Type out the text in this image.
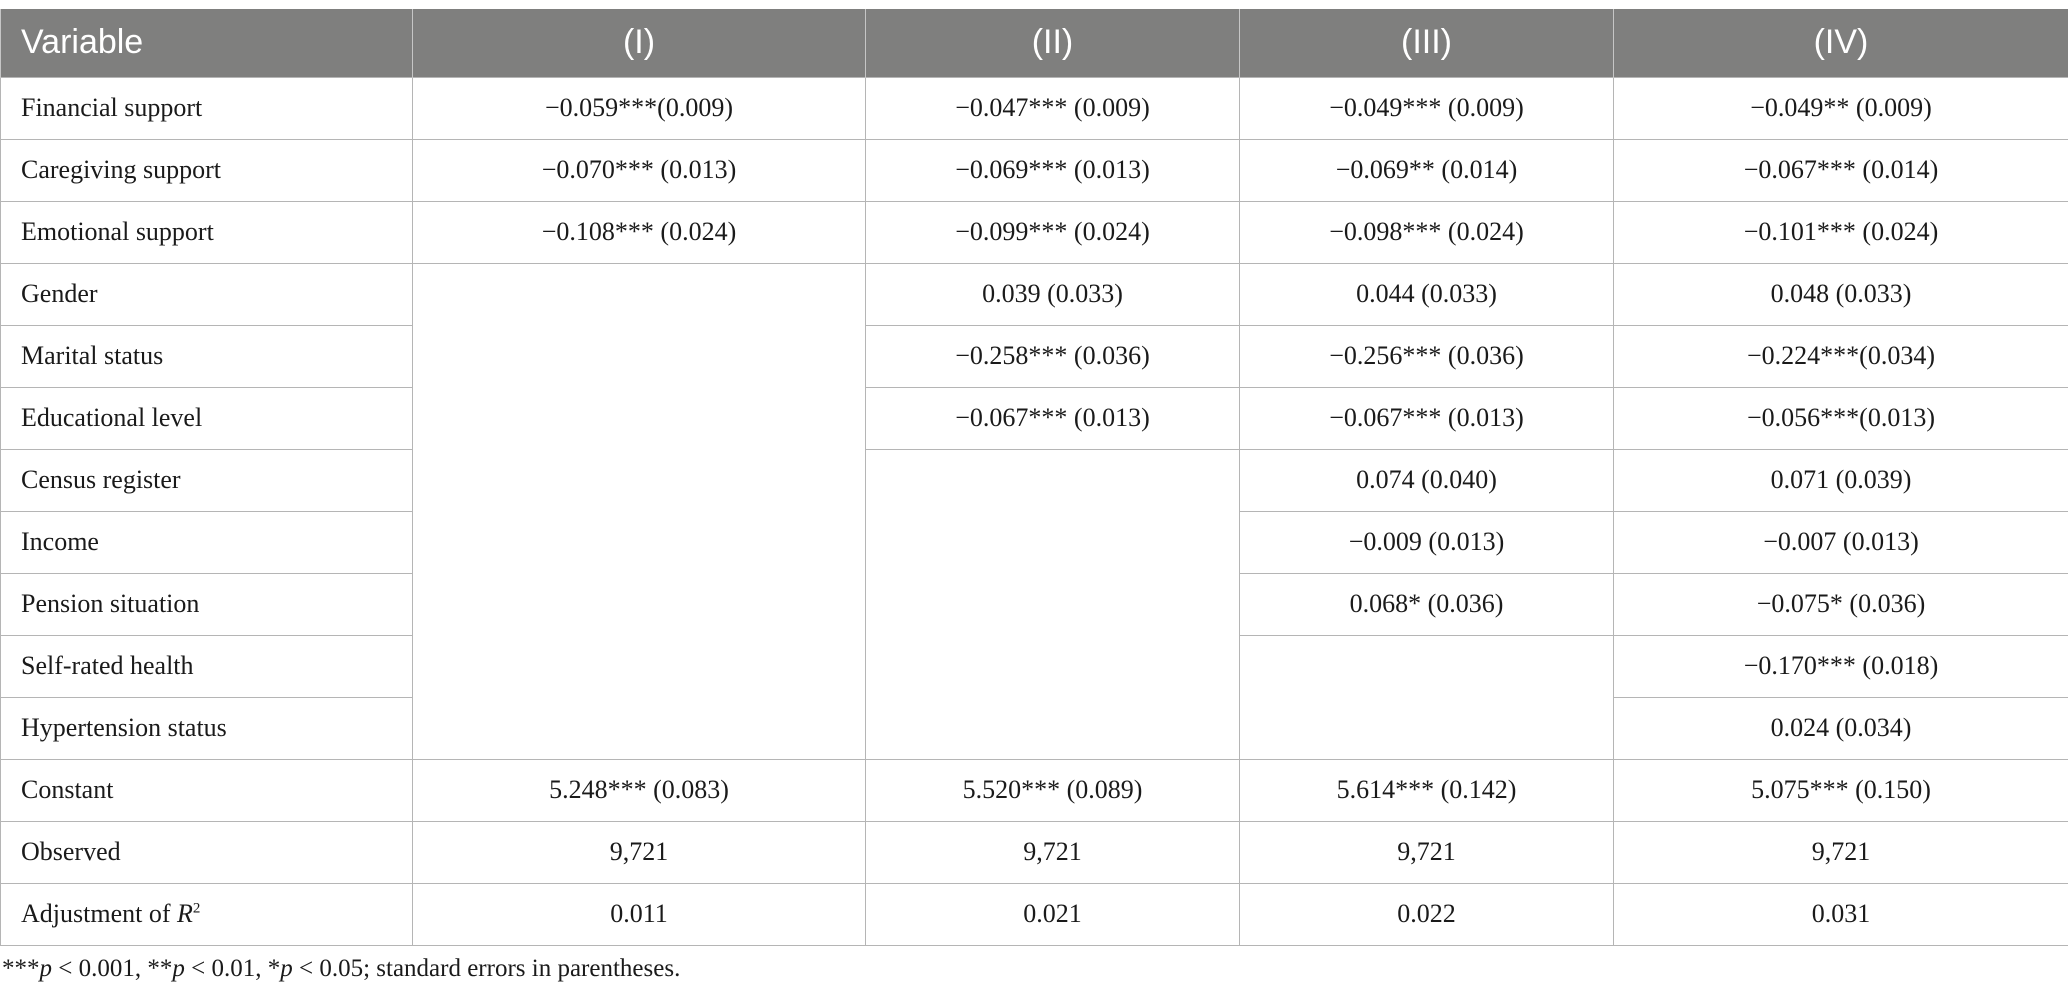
Variable	(I)	(II)	(III)	(IV)
Financial support	−0.059***(0.009)	−0.047*** (0.009)	−0.049*** (0.009)	−0.049** (0.009)
Caregiving support	−0.070*** (0.013)	−0.069*** (0.013)	−0.069** (0.014)	−0.067*** (0.014)
Emotional support	−0.108*** (0.024)	−0.099*** (0.024)	−0.098*** (0.024)	−0.101*** (0.024)
Gender		0.039 (0.033)	0.044 (0.033)	0.048 (0.033)
Marital status		−0.258*** (0.036)	−0.256*** (0.036)	−0.224***(0.034)
Educational level		−0.067*** (0.013)	−0.067*** (0.013)	−0.056***(0.013)
Census register			0.074 (0.040)	0.071 (0.039)
Income			−0.009 (0.013)	−0.007 (0.013)
Pension situation			0.068* (0.036)	−0.075* (0.036)
Self-rated health				−0.170*** (0.018)
Hypertension status				0.024 (0.034)
Constant	5.248*** (0.083)	5.520*** (0.089)	5.614*** (0.142)	5.075*** (0.150)
Observed	9,721	9,721	9,721	9,721
Adjustment of $R^2$	0.011	0.021	0.022	0.031
***p < 0.001, **p < 0.01, *p < 0.05; standard errors in parentheses.
